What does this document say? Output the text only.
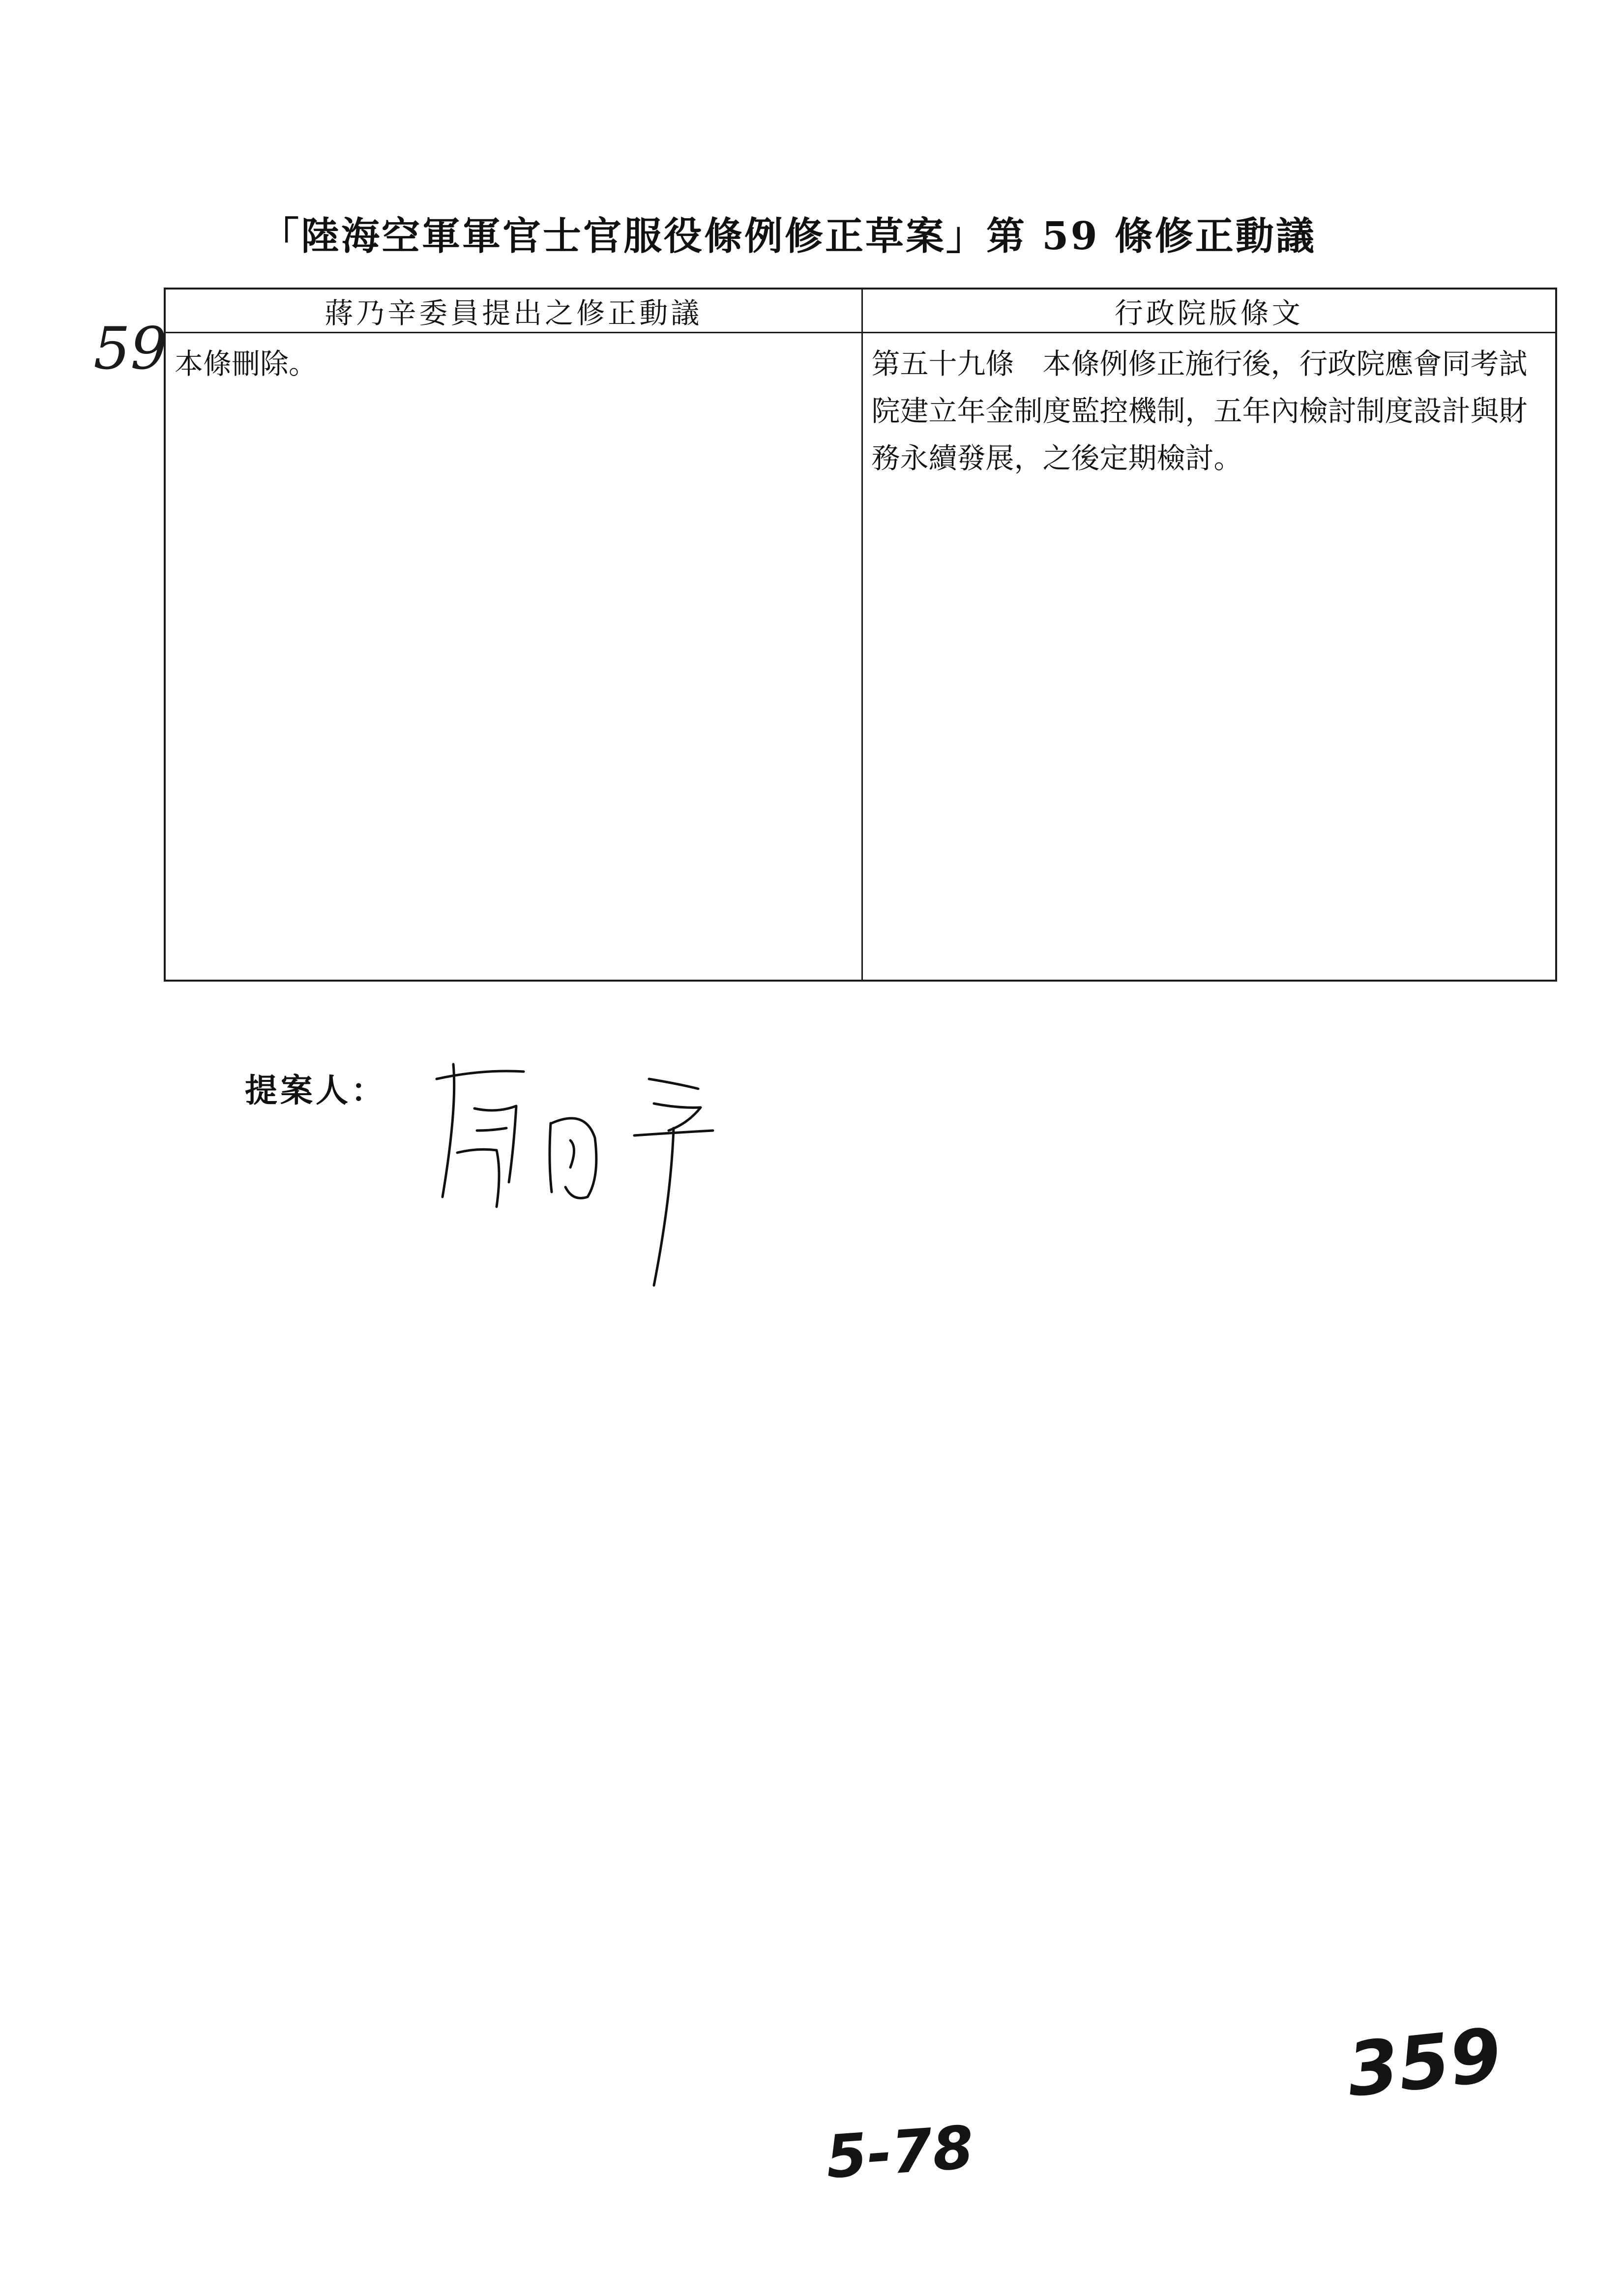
「陸海空軍軍官士官服役條例修正草案」第 59 條修正動議
59
蔣乃辛委員提出之修正動議	行政院版條文
本條刪除。	第五十九條　本條例修正施行後，行政院應會同考試
院建立年金制度監控機制，五年內檢討制度設計與財
務永續發展，之後定期檢討。
提案人：
359
5-78
